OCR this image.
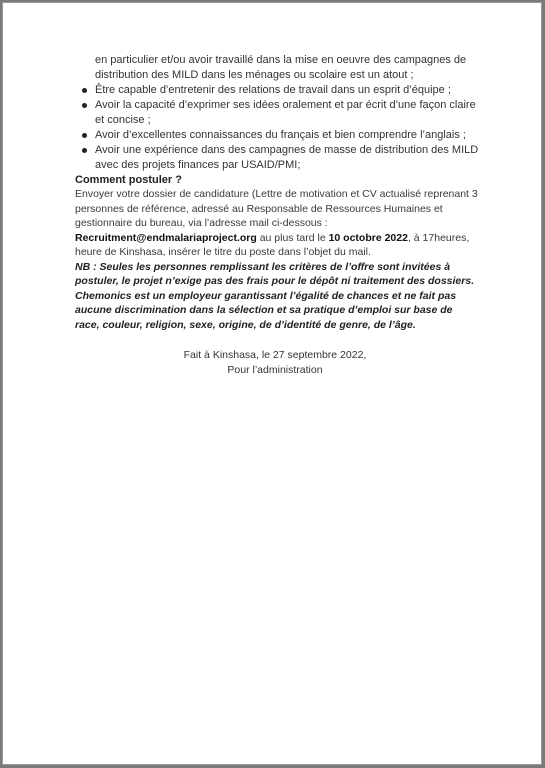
en particulier et/ou avoir travaillé dans la mise en oeuvre des campagnes de distribution des MILD dans les ménages ou scolaire est un atout ;

Être capable d’entretenir des relations de travail dans un esprit d’équipe ;
Avoir la capacité d’exprimer ses idées oralement et par écrit d’une façon claire et concise ;
Avoir d’excellentes connaissances du français et bien comprendre l’anglais ;
Avoir une expérience dans des campagnes de masse de distribution des MILD avec des projets finances par USAID/PMI;
Comment postuler ?
Envoyer votre dossier de candidature (Lettre de motivation et CV actualisé reprenant 3 personnes de référence, adressé au Responsable de Ressources Humaines et gestionnaire du bureau, via l’adresse mail ci-dessous : Recruitment@endmalariaproject.org au plus tard le 10 octobre 2022, à 17heures, heure de Kinshasa, insérer le titre du poste dans l’objet du mail.
NB : Seules les personnes remplissant les critères de l’offre sont invitées à postuler, le projet n’exige pas des frais pour le dépôt ni traitement des dossiers.
Chemonics est un employeur garantissant l’égalité de chances et ne fait pas aucune discrimination dans la sélection et sa pratique d’emploi sur base de race, couleur, religion, sexe, origine, de d’identité de genre, de l’âge.
Fait à Kinshasa, le 27 septembre 2022,
Pour l’administration
